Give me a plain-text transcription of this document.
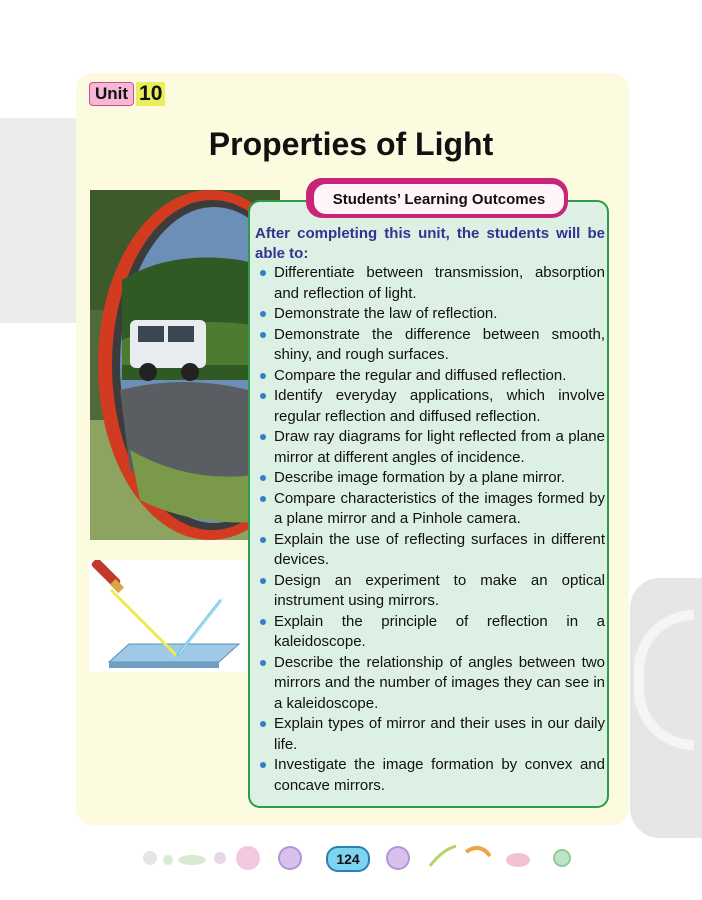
Unit 10
Properties of Light
Students’ Learning Outcomes

After completing this unit, the students will be able to:

Differentiate between transmission, absorption and reflection of light.
Demonstrate the law of reflection.
Demonstrate the difference between smooth, shiny, and rough surfaces.
Compare the regular and diffused reflection.
Identify everyday applications, which involve regular reflection and diffused reflection.
Draw ray diagrams for light reflected from a plane mirror at different angles of incidence.
Describe image formation by a plane mirror.
Compare characteristics of the images formed by a plane mirror and a Pinhole camera.
Explain the use of reflecting surfaces in different devices.
Design an experiment to make an optical instrument using mirrors.
Explain the principle of reflection in a kaleidoscope.
Describe the relationship of angles between two mirrors and the number of images they can see in a kaleidoscope.
Explain types of mirror and their uses in our daily life.
Investigate the image formation by convex and concave mirrors.
124
